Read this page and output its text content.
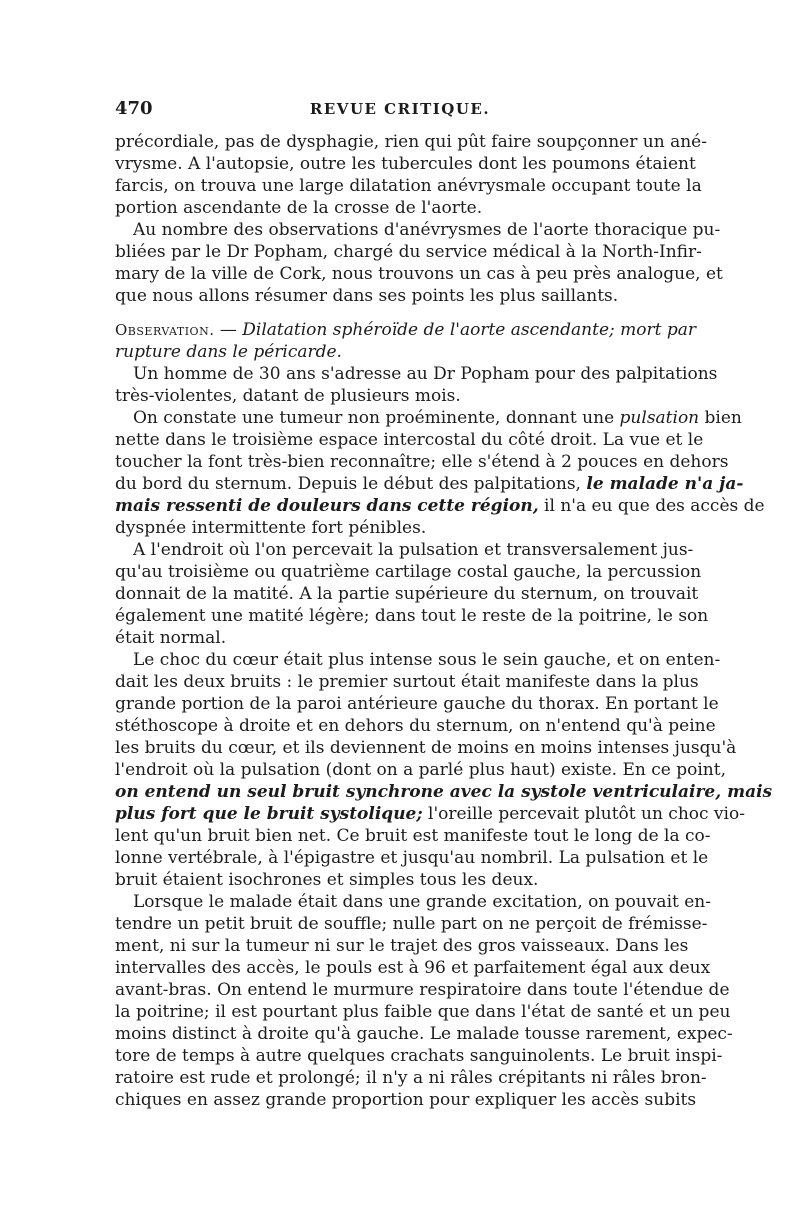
470	REVUE CRITIQUE.
précordiale, pas de dysphagie, rien qui pût faire soupçonner un ané-
vrysme. A l'autopsie, outre les tubercules dont les poumons étaient
farcis, on trouva une large dilatation anévrysmale occupant toute la
portion ascendante de la crosse de l'aorte.
Au nombre des observations d'anévrysmes de l'aorte thoracique pu-
bliées par le Dr Popham, chargé du service médical à la North-Infir-
mary de la ville de Cork, nous trouvons un cas à peu près analogue, et
que nous allons résumer dans ses points les plus saillants.
Observation. — Dilatation sphéroïde de l'aorte ascendante; mort par
rupture dans le péricarde.
Un homme de 30 ans s'adresse au Dr Popham pour des palpitations
très-violentes, datant de plusieurs mois.
On constate une tumeur non proéminente, donnant une pulsation bien
nette dans le troisième espace intercostal du côté droit. La vue et le
toucher la font très-bien reconnaître; elle s'étend à 2 pouces en dehors
du bord du sternum. Depuis le début des palpitations, le malade n'a ja-
mais ressenti de douleurs dans cette région, il n'a eu que des accès de
dyspnée intermittente fort pénibles.
A l'endroit où l'on percevait la pulsation et transversalement jus-
qu'au troisième ou quatrième cartilage costal gauche, la percussion
donnait de la matité. A la partie supérieure du sternum, on trouvait
également une matité légère; dans tout le reste de la poitrine, le son
était normal.
Le choc du cœur était plus intense sous le sein gauche, et on enten-
dait les deux bruits : le premier surtout était manifeste dans la plus
grande portion de la paroi antérieure gauche du thorax. En portant le
stéthoscope à droite et en dehors du sternum, on n'entend qu'à peine
les bruits du cœur, et ils deviennent de moins en moins intenses jusqu'à
l'endroit où la pulsation (dont on a parlé plus haut) existe. En ce point,
on entend un seul bruit synchrone avec la systole ventriculaire, mais
plus fort que le bruit systolique; l'oreille percevait plutôt un choc vio-
lent qu'un bruit bien net. Ce bruit est manifeste tout le long de la co-
lonne vertébrale, à l'épigastre et jusqu'au nombril. La pulsation et le
bruit étaient isochrones et simples tous les deux.
Lorsque le malade était dans une grande excitation, on pouvait en-
tendre un petit bruit de souffle; nulle part on ne perçoit de frémisse-
ment, ni sur la tumeur ni sur le trajet des gros vaisseaux. Dans les
intervalles des accès, le pouls est à 96 et parfaitement égal aux deux
avant-bras. On entend le murmure respiratoire dans toute l'étendue de
la poitrine; il est pourtant plus faible que dans l'état de santé et un peu
moins distinct à droite qu'à gauche. Le malade tousse rarement, expec-
tore de temps à autre quelques crachats sanguinolents. Le bruit inspi-
ratoire est rude et prolongé; il n'y a ni râles crépitants ni râles bron-
chiques en assez grande proportion pour expliquer les accès subits
